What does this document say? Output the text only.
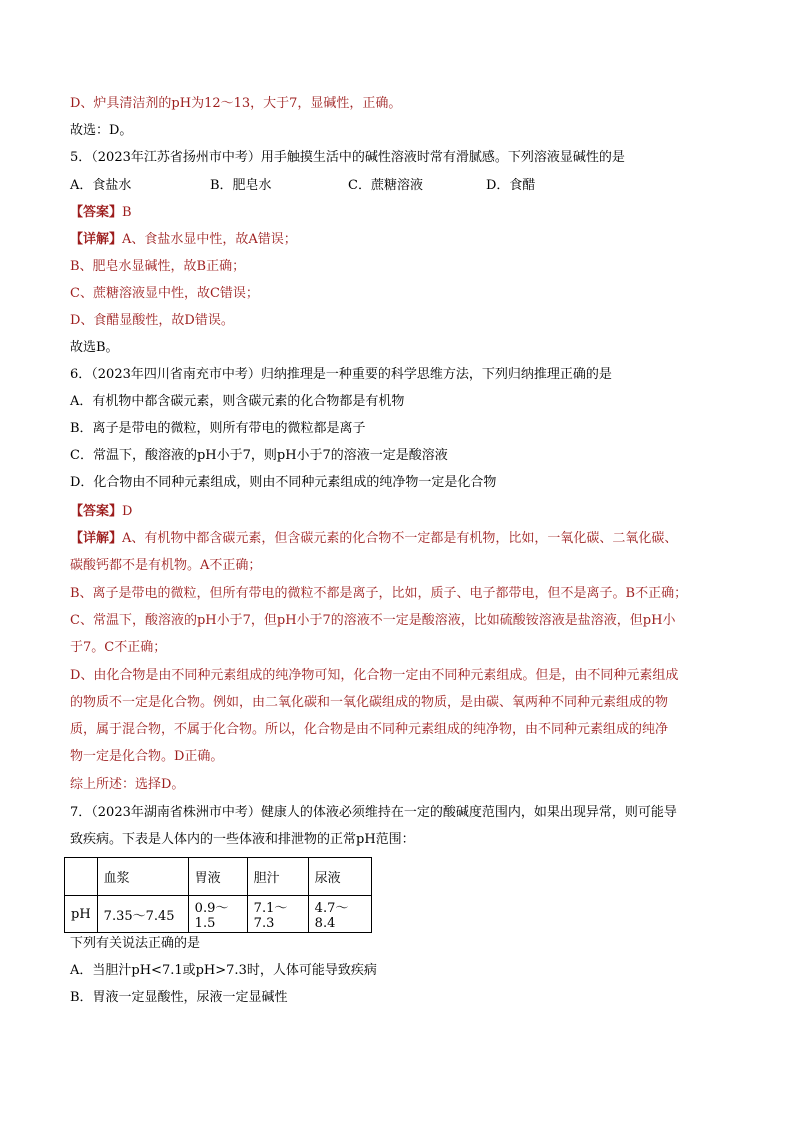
D、炉具清洁剂的pH为12～13，大于7，显碱性，正确。
故选：D。
5．（2023年江苏省扬州市中考）用手触摸生活中的碱性溶液时常有滑腻感。下列溶液显碱性的是
A．食盐水	B．肥皂水	C．蔗糖溶液	D．食醋
【答案】B
【详解】A、食盐水显中性，故A错误；
B、肥皂水显碱性，故B正确；
C、蔗糖溶液显中性，故C错误；
D、食醋显酸性，故D错误。
故选B。
6．（2023年四川省南充市中考）归纳推理是一种重要的科学思维方法，下列归纳推理正确的是
A．有机物中都含碳元素，则含碳元素的化合物都是有机物
B．离子是带电的微粒，则所有带电的微粒都是离子
C．常温下，酸溶液的pH小于7，则pH小于7的溶液一定是酸溶液
D．化合物由不同种元素组成，则由不同种元素组成的纯净物一定是化合物
【答案】D
【详解】A、有机物中都含碳元素，但含碳元素的化合物不一定都是有机物，比如，一氧化碳、二氧化碳、
碳酸钙都不是有机物。A不正确；
B、离子是带电的微粒，但所有带电的微粒不都是离子，比如，质子、电子都带电，但不是离子。B不正确；
C、常温下，酸溶液的pH小于7，但pH小于7的溶液不一定是酸溶液，比如硫酸铵溶液是盐溶液，但pH小
于7。C不正确；
D、由化合物是由不同种元素组成的纯净物可知，化合物一定由不同种元素组成。但是，由不同种元素组成
的物质不一定是化合物。例如，由二氧化碳和一氧化碳组成的物质，是由碳、氧两种不同种元素组成的物
质，属于混合物，不属于化合物。所以，化合物是由不同种元素组成的纯净物，由不同种元素组成的纯净
物一定是化合物。D正确。
综上所述：选择D。
7．（2023年湖南省株洲市中考）健康人的体液必须维持在一定的酸碱度范围内，如果出现异常，则可能导
致疾病。下表是人体内的一些体液和排泄物的正常pH范围：
	血浆	胃液	胆汁	尿液
pH	7.35～7.45	0.9～1.5	7.1～7.3	4.7～8.4
下列有关说法正确的是
A．当胆汁pH<7.1或pH>7.3时，人体可能导致疾病
B．胃液一定显酸性，尿液一定显碱性
